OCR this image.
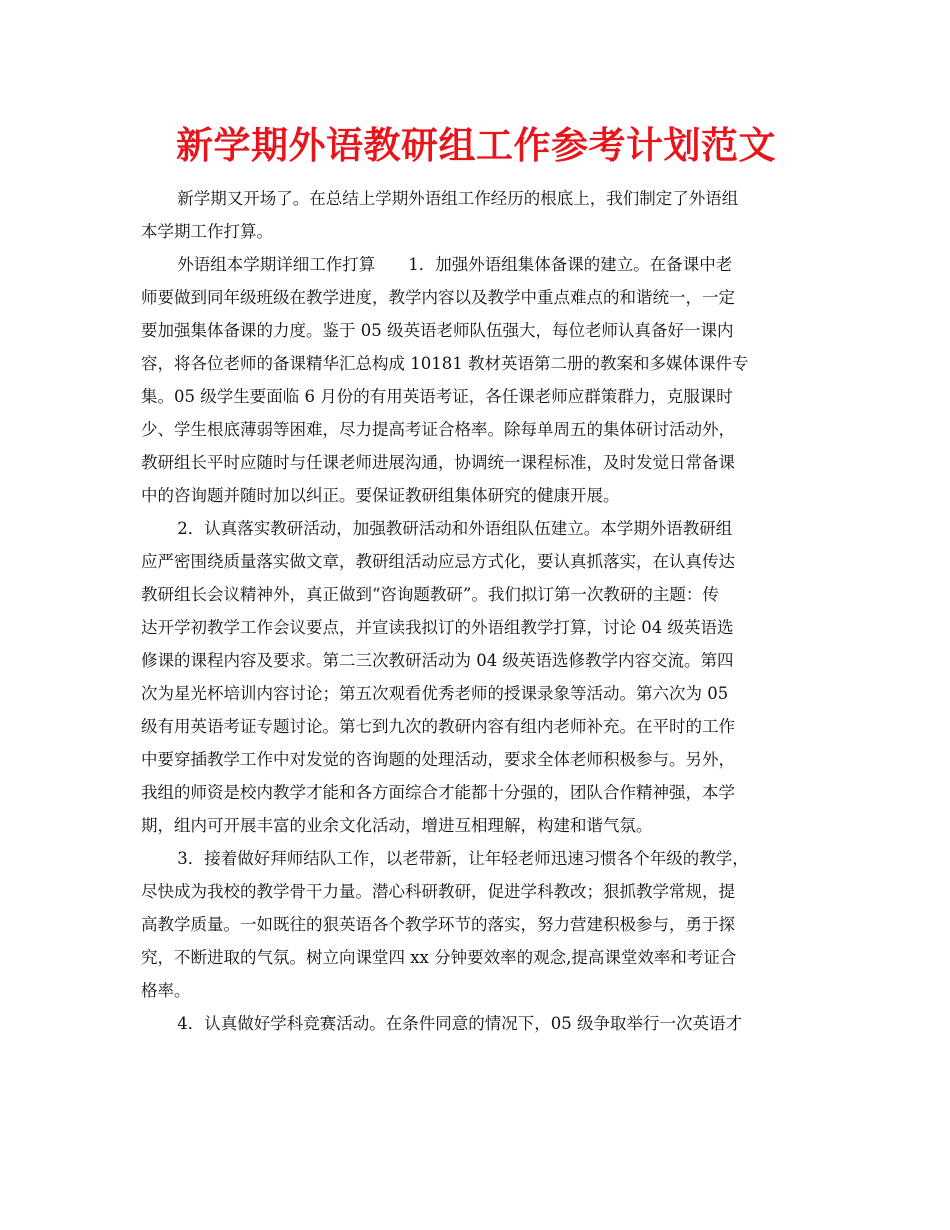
新学期外语教研组工作参考计划范文

新学期又开场了。在总结上学期外语组工作经历的根底上，我们制定了外语组
本学期工作打算。

外语组本学期详细工作打算　　1．加强外语组集体备课的建立。在备课中老
师要做到同年级班级在教学进度，教学内容以及教学中重点难点的和谐统一，一定
要加强集体备课的力度。鉴于 05 级英语老师队伍强大，每位老师认真备好一课内
容，将各位老师的备课精华汇总构成 10181 教材英语第二册的教案和多媒体课件专
集。05 级学生要面临 6 月份的有用英语考证，各任课老师应群策群力，克服课时
少、学生根底薄弱等困难，尽力提高考证合格率。除每单周五的集体研讨活动外，
教研组长平时应随时与任课老师进展沟通，协调统一课程标准，及时发觉日常备课
中的咨询题并随时加以纠正。要保证教研组集体研究的健康开展。

2．认真落实教研活动，加强教研活动和外语组队伍建立。本学期外语教研组
应严密围绕质量落实做文章，教研组活动应忌方式化，要认真抓落实，在认真传达
教研组长会议精神外，真正做到“咨询题教研”。我们拟订第一次教研的主题：传
达开学初教学工作会议要点，并宣读我拟订的外语组教学打算，讨论 04 级英语选
修课的课程内容及要求。第二三次教研活动为 04 级英语选修教学内容交流。第四
次为星光杯培训内容讨论；第五次观看优秀老师的授课录象等活动。第六次为 05
级有用英语考证专题讨论。第七到九次的教研内容有组内老师补充。在平时的工作
中要穿插教学工作中对发觉的咨询题的处理活动，要求全体老师积极参与。另外，
我组的师资是校内教学才能和各方面综合才能都十分强的，团队合作精神强，本学
期，组内可开展丰富的业余文化活动，增进互相理解，构建和谐气氛。

3．接着做好拜师结队工作，以老带新，让年轻老师迅速习惯各个年级的教学，
尽快成为我校的教学骨干力量。潜心科研教研，促进学科教改；狠抓教学常规，提
高教学质量。一如既往的狠英语各个教学环节的落实，努力营建积极参与，勇于探
究，不断进取的气氛。树立向课堂四 xx 分钟要效率的观念,提高课堂效率和考证合
格率。

4．认真做好学科竞赛活动。在条件同意的情况下，05 级争取举行一次英语才
